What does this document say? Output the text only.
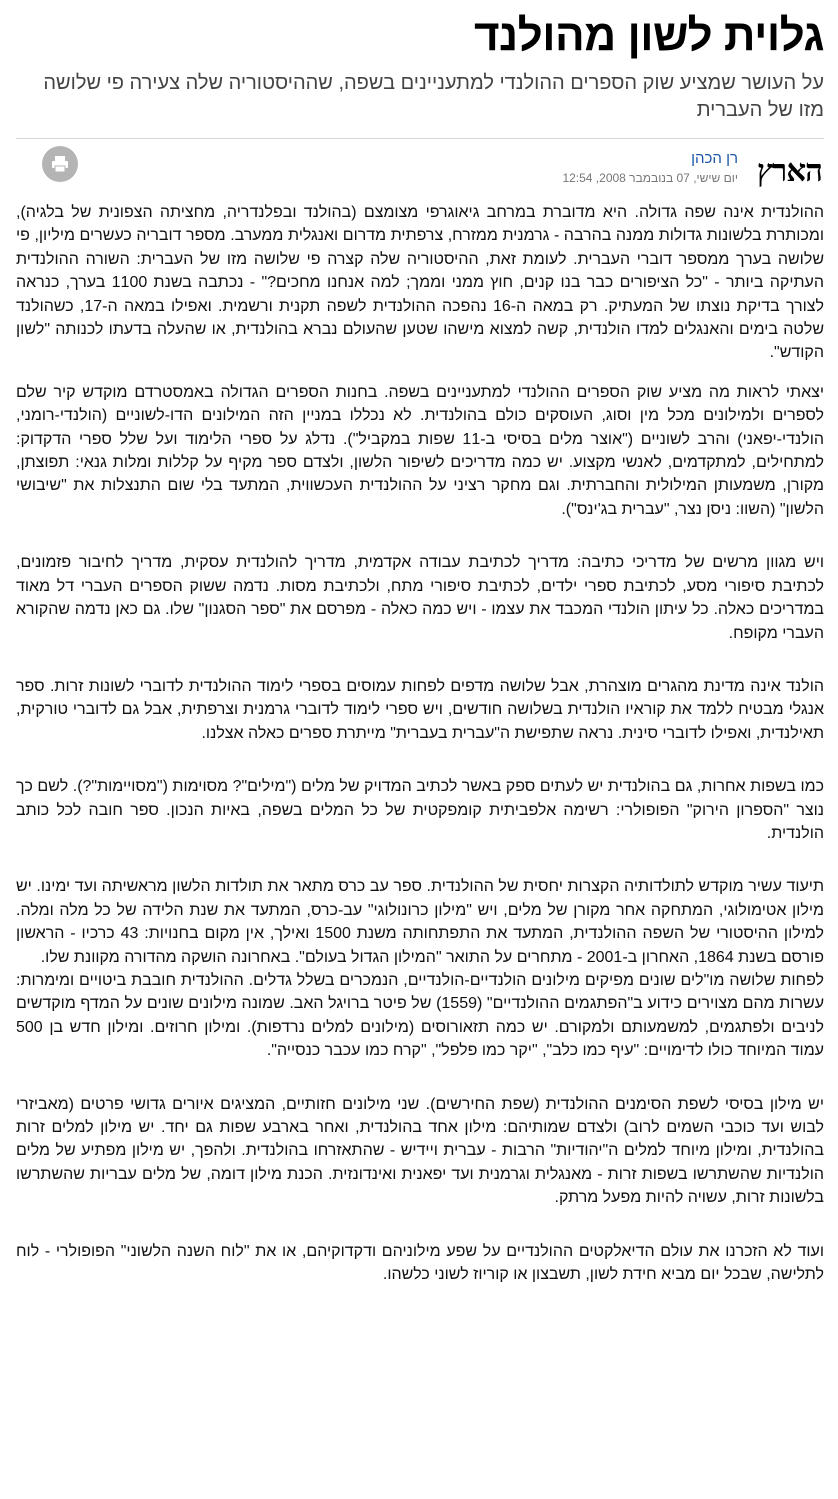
גלוית לשון מהולנד
על העושר שמציע שוק הספרים ההולנדי למתעניינים בשפה, שההיסטוריה שלה צעירה פי שלושה מזו של העברית
הארץ
רן הכהן
יום שישי, 07 בנובמבר 2008, 12:54

ההולנדית אינה שפה גדולה. היא מדוברת במרחב גיאוגרפי מצומצם (בהולנד ובפלנדריה, מחציתה הצפונית של בלגיה), ומכותרת בלשונות גדולות ממנה בהרבה - גרמנית ממזרח, צרפתית מדרום ואנגלית ממערב. מספר דובריה כעשרים מיליון, פי שלושה בערך ממספר דוברי העברית. לעומת זאת, ההיסטוריה שלה קצרה פי שלושה מזו של העברית: השורה ההולנדית העתיקה ביותר - "כל הציפורים כבר בנו קנים, חוץ ממני וממך; למה אנחנו מחכים?" - נכתבה בשנת 1100 בערך, כנראה לצורך בדיקת נוצתו של המעתיק. רק במאה ה-16 נהפכה ההולנדית לשפה תקנית ורשמית. ואפילו במאה ה-17, כשהולנד שלטה בימים והאנגלים למדו הולנדית, קשה למצוא מישהו שטען שהעולם נברא בהולנדית, או שהעלה בדעתו לכנותה "לשון הקודש".

יצאתי לראות מה מציע שוק הספרים ההולנדי למתעניינים בשפה. בחנות הספרים הגדולה באמסטרדם מוקדש קיר שלם לספרים ולמילונים מכל מין וסוג, העוסקים כולם בהולנדית. לא נכללו במניין הזה המילונים הדו-לשוניים (הולנדי-רומני, הולנדי-יפאני) והרב לשוניים ("אוצר מלים בסיסי ב-11 שפות במקביל"). נדלג על ספרי הלימוד ועל שלל ספרי הדקדוק: למתחילים, למתקדמים, לאנשי מקצוע. יש כמה מדריכים לשיפור הלשון, ולצדם ספר מקיף על קללות ומלות גנאי: תפוצתן, מקורן, משמעותן המילולית והחברתית. וגם מחקר רציני על ההולנדית העכשווית, המתעד בלי שום התנצלות את "שיבושי הלשון" (השוו: ניסן נצר, "עברית בג'ינס").

ויש מגוון מרשים של מדריכי כתיבה: מדריך לכתיבת עבודה אקדמית, מדריך להולנדית עסקית, מדריך לחיבור פזמונים, לכתיבת סיפורי מסע, לכתיבת ספרי ילדים, לכתיבת סיפורי מתח, ולכתיבת מסות. נדמה ששוק הספרים העברי דל מאוד במדריכים כאלה. כל עיתון הולנדי המכבד את עצמו - ויש כמה כאלה - מפרסם את "ספר הסגנון" שלו. גם כאן נדמה שהקורא העברי מקופח.

הולנד אינה מדינת מהגרים מוצהרת, אבל שלושה מדפים לפחות עמוסים בספרי לימוד ההולנדית לדוברי לשונות זרות. ספר אנגלי מבטיח ללמד את קוראיו הולנדית בשלושה חודשים, ויש ספרי לימוד לדוברי גרמנית וצרפתית, אבל גם לדוברי טורקית, תאילנדית, ואפילו לדוברי סינית. נראה שתפישת ה"עברית בעברית" מייתרת ספרים כאלה אצלנו.

כמו בשפות אחרות, גם בהולנדית יש לעתים ספק באשר לכתיב המדויק של מלים ("מילים"? מסוימות ("מסויימות"?). לשם כך נוצר "הספרון הירוק" הפופולרי: רשימה אלפביתית קומפקטית של כל המלים בשפה, באיות הנכון. ספר חובה לכל כותב הולנדית.

תיעוד עשיר מוקדש לתולדותיה הקצרות יחסית של ההולנדית. ספר עב כרס מתאר את תולדות הלשון מראשיתה ועד ימינו. יש מילון אטימולוגי, המתחקה אחר מקורן של מלים, ויש "מילון כרונולוגי" עב-כרס, המתעד את שנת הלידה של כל מלה ומלה. למילון ההיסטורי של השפה ההולנדית, המתעד את התפתחותה משנת 1500 ואילך, אין מקום בחנויות: 43 כרכיו - הראשון פורסם בשנת 1864, האחרון ב-2001 - מתחרים על התואר "המילון הגדול בעולם". באחרונה הושקה מהדורה מקוונת שלו.

לפחות שלושה מו"לים שונים מפיקים מילונים הולנדיים-הולנדיים, הנמכרים בשלל גדלים. ההולנדית חובבת ביטויים ומימרות: עשרות מהם מצוירים כידוע ב"הפתגמים ההולנדיים" (1559) של פיטר ברויגל האב. שמונה מילונים שונים על המדף מוקדשים לניבים ולפתגמים, למשמעותם ולמקורם. יש כמה תזאורוסים (מילונים למלים נרדפות). ומילון חרוזים. ומילון חדש בן 500 עמוד המיוחד כולו לדימויים: "עיף כמו כלב", "יקר כמו פלפל", "קרח כמו עכבר כנסייה".

יש מילון בסיסי לשפת הסימנים ההולנדית (שפת החירשים). שני מילונים חזותיים, המציגים איורים גדושי פרטים (מאביזרי לבוש ועד כוכבי השמים לרוב) ולצדם שמותיהם: מילון אחד בהולנדית, ואחר בארבע שפות גם יחד. יש מילון למלים זרות בהולנדית, ומילון מיוחד למלים ה"יהודיות" הרבות - עברית ויידיש - שהתאזרחו בהולנדית. ולהפך, יש מילון מפתיע של מלים הולנדיות שהשתרשו בשפות זרות - מאנגלית וגרמנית ועד יפאנית ואינדונזית. הכנת מילון דומה, של מלים עבריות שהשתרשו בלשונות זרות, עשויה להיות מפעל מרתק.

ועוד לא הזכרנו את עולם הדיאלקטים ההולנדיים על שפע מילוניהם ודקדוקיהם, או את "לוח השנה הלשוני" הפופולרי - לוח לתלישה, שבכל יום מביא חידת לשון, תשבצון או קוריוז לשוני כלשהו.
